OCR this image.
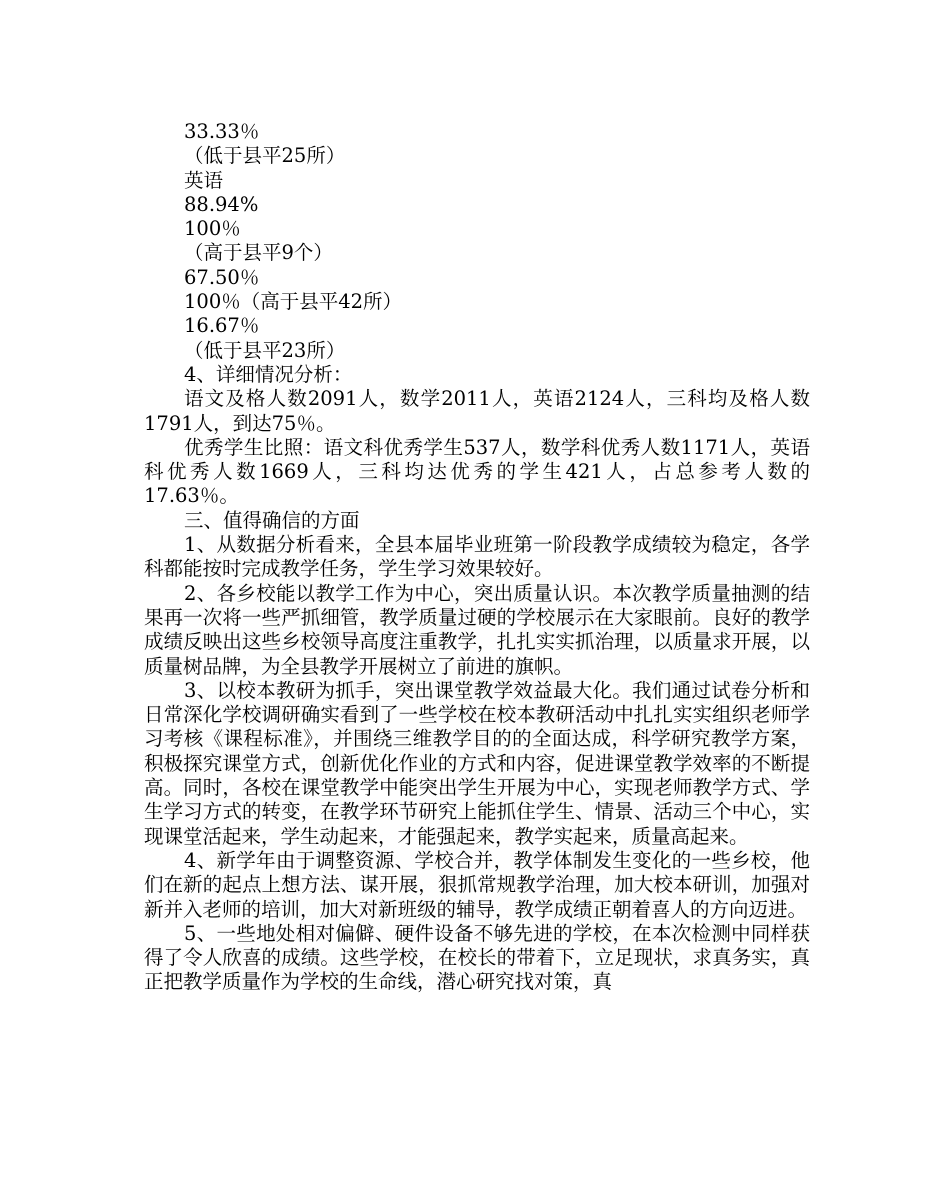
33.33％
（低于县平25所）
英语
88.94%
100％
（高于县平9个）
67.50％
100％（高于县平42所）
16.67％
（低于县平23所）

4、详细情况分析：

语文及格人数2091人，数学2011人，英语2124人，三科均及格人数1791人，到达75％。

优秀学生比照：语文科优秀学生537人，数学科优秀人数1171人，英语科优秀人数1669人，三科均达优秀的学生421人，占总参考人数的17.63％。

三、值得确信的方面

1、从数据分析看来，全县本届毕业班第一阶段教学成绩较为稳定，各学科都能按时完成教学任务，学生学习效果较好。

2、各乡校能以教学工作为中心，突出质量认识。本次教学质量抽测的结果再一次将一些严抓细管，教学质量过硬的学校展示在大家眼前。良好的教学成绩反映出这些乡校领导高度注重教学，扎扎实实抓治理，以质量求开展，以质量树品牌，为全县教学开展树立了前进的旗帜。

3、以校本教研为抓手，突出课堂教学效益最大化。我们通过试卷分析和日常深化学校调研确实看到了一些学校在校本教研活动中扎扎实实组织老师学习考核《课程标准》，并围绕三维教学目的的全面达成，科学研究教学方案，积极探究课堂方式，创新优化作业的方式和内容，促进课堂教学效率的不断提高。同时，各校在课堂教学中能突出学生开展为中心，实现老师教学方式、学生学习方式的转变，在教学环节研究上能抓住学生、情景、活动三个中心，实现课堂活起来，学生动起来，才能强起来，教学实起来，质量高起来。

4、新学年由于调整资源、学校合并，教学体制发生变化的一些乡校，他们在新的起点上想方法、谋开展，狠抓常规教学治理，加大校本研训，加强对新并入老师的培训，加大对新班级的辅导，教学成绩正朝着喜人的方向迈进。

5、一些地处相对偏僻、硬件设备不够先进的学校，在本次检测中同样获得了令人欣喜的成绩。这些学校，在校长的带着下，立足现状，求真务实，真正把教学质量作为学校的生命线，潜心研究找对策，真
